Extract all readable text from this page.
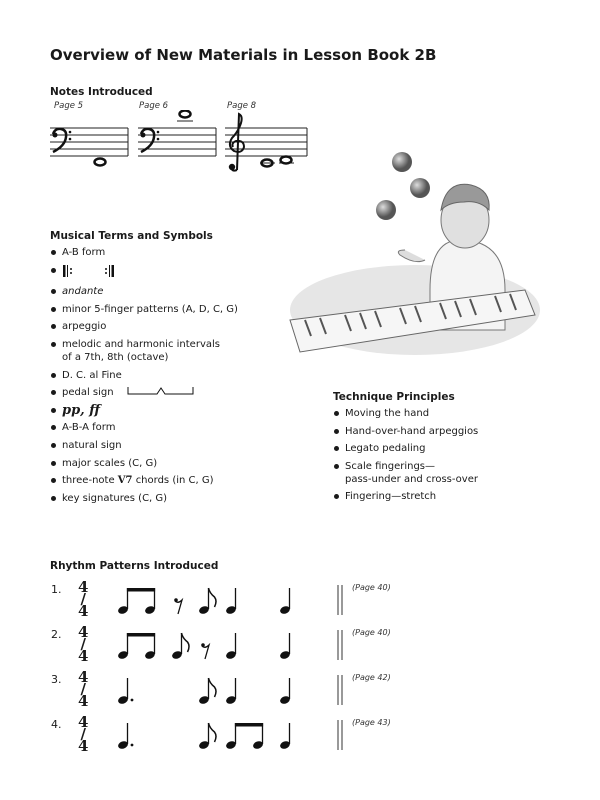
Overview of New Materials in Lesson Book 2B
Notes Introduced
Page 5	Page 6	Page 8
Musical Terms and Symbols
A-B form
andante
minor 5-finger patterns (A, D, C, G)
arpeggio
melodic and harmonic intervals
of a 7th, 8th (octave)
D. C. al Fine
pedal sign
pp, ff
A-B-A form
natural sign
major scales (C, G)
three-note V7 chords (in C, G)
key signatures (C, G)
Technique Principles
Moving the hand
Hand-over-hand arpeggios
Legato pedaling
Scale fingerings—
pass-under and cross-over
Fingering—stretch
Rhythm Patterns Introduced
1.	(Page 40)
4/4
2.	(Page 40)
4/4
3.	(Page 42)
4/4
4.	(Page 43)
4/4
